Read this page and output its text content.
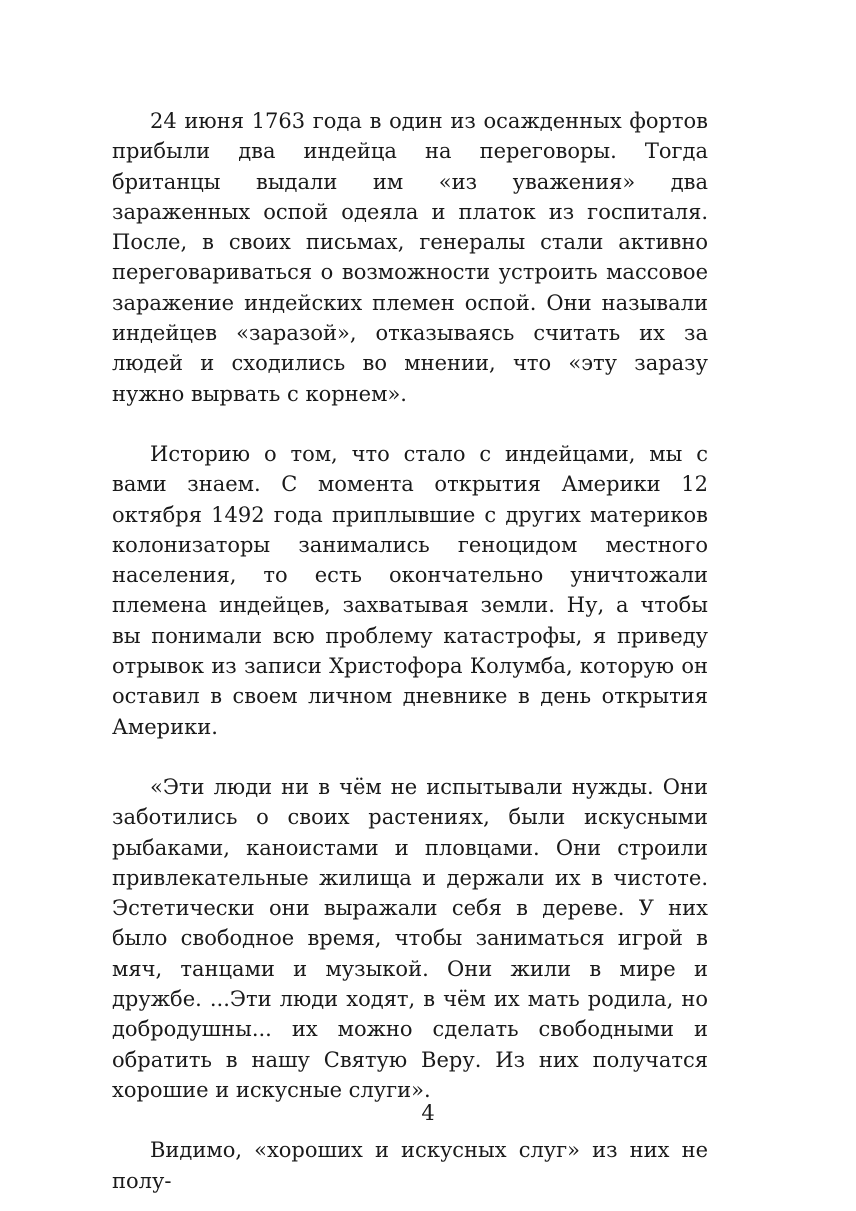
24 июня 1763 года в один из осажденных фортов прибыли два индейца на переговоры. Тогда британцы выдали им «из уважения» два зараженных оспой одеяла и платок из госпиталя. После, в своих письмах, генералы стали активно переговариваться о возможности устроить массовое заражение индейских племен оспой. Они называли индейцев «заразой», отказываясь считать их за людей и сходились во мнении, что «эту заразу нужно вырвать с корнем».

Историю о том, что стало с индейцами, мы с вами знаем. С момента открытия Америки 12 октября 1492 года приплывшие с других материков колонизаторы занимались геноцидом местного населения, то есть окончательно уничтожали племена индейцев, захватывая земли. Ну, а чтобы вы понимали всю проблему катастрофы, я приведу отрывок из записи Христофора Колумба, которую он оставил в своем личном дневнике в день открытия Америки.

«Эти люди ни в чём не испытывали нужды. Они заботились о своих растениях, были искусными рыбаками, каноистами и пловцами. Они строили привлекательные жилища и держали их в чистоте. Эстетически они выражали себя в дереве. У них было свободное время, чтобы заниматься игрой в мяч, танцами и музыкой. Они жили в мире и дружбе. ...Эти люди ходят, в чём их мать родила, но добродушны... их можно сделать свободными и обратить в нашу Святую Веру. Из них получатся хорошие и искусные слуги».

Видимо, «хороших и искусных слуг» из них не полу-

4
